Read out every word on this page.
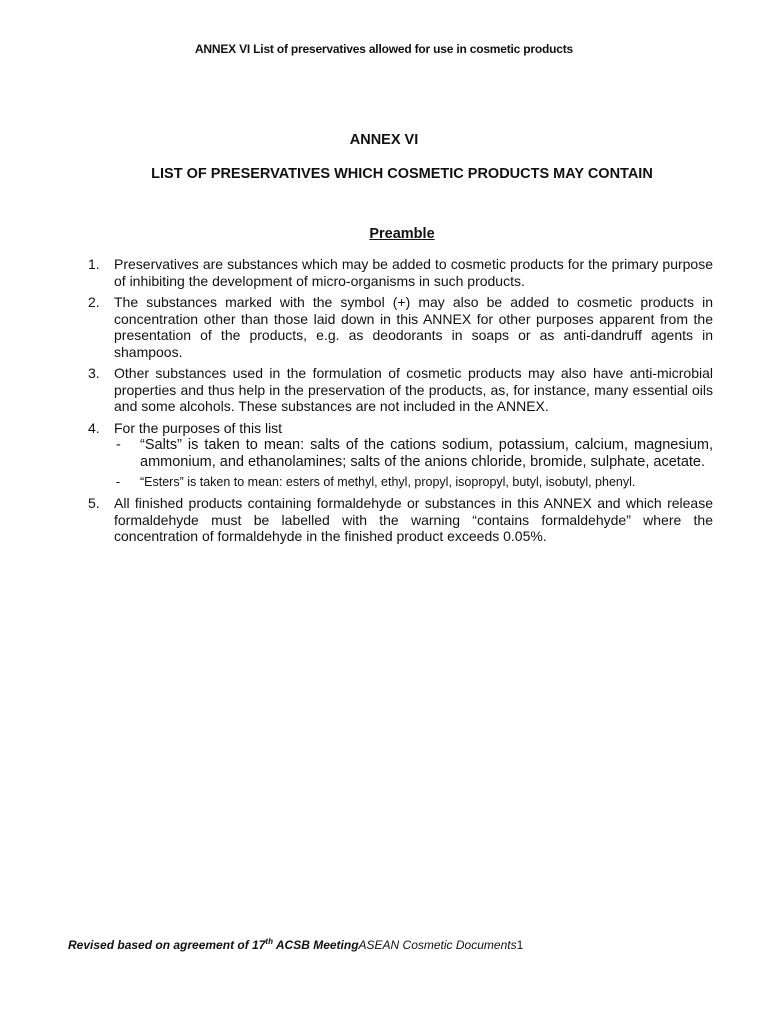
ANNEX VI List of preservatives allowed for use in cosmetic products
ANNEX VI
LIST OF PRESERVATIVES WHICH COSMETIC PRODUCTS MAY CONTAIN
Preamble
1. Preservatives are substances which may be added to cosmetic products for the primary purpose of inhibiting the development of micro-organisms in such products.
2. The substances marked with the symbol (+) may also be added to cosmetic products in concentration other than those laid down in this ANNEX for other purposes apparent from the presentation of the products, e.g. as deodorants in soaps or as anti-dandruff agents in shampoos.
3. Other substances used in the formulation of cosmetic products may also have anti-microbial properties and thus help in the preservation of the products, as, for instance, many essential oils and some alcohols. These substances are not included in the ANNEX.
4. For the purposes of this list
- “Salts” is taken to mean: salts of the cations sodium, potassium, calcium, magnesium, ammonium, and ethanolamines; salts of the anions chloride, bromide, sulphate, acetate.
- “Esters” is taken to mean: esters of methyl, ethyl, propyl, isopropyl, butyl, isobutyl, phenyl.
5. All finished products containing formaldehyde or substances in this ANNEX and which release formaldehyde must be labelled with the warning “contains formaldehyde” where the concentration of formaldehyde in the finished product exceeds 0.05%.
Revised based on agreement of 17th ACSB MeetingASEAN Cosmetic Documents1
